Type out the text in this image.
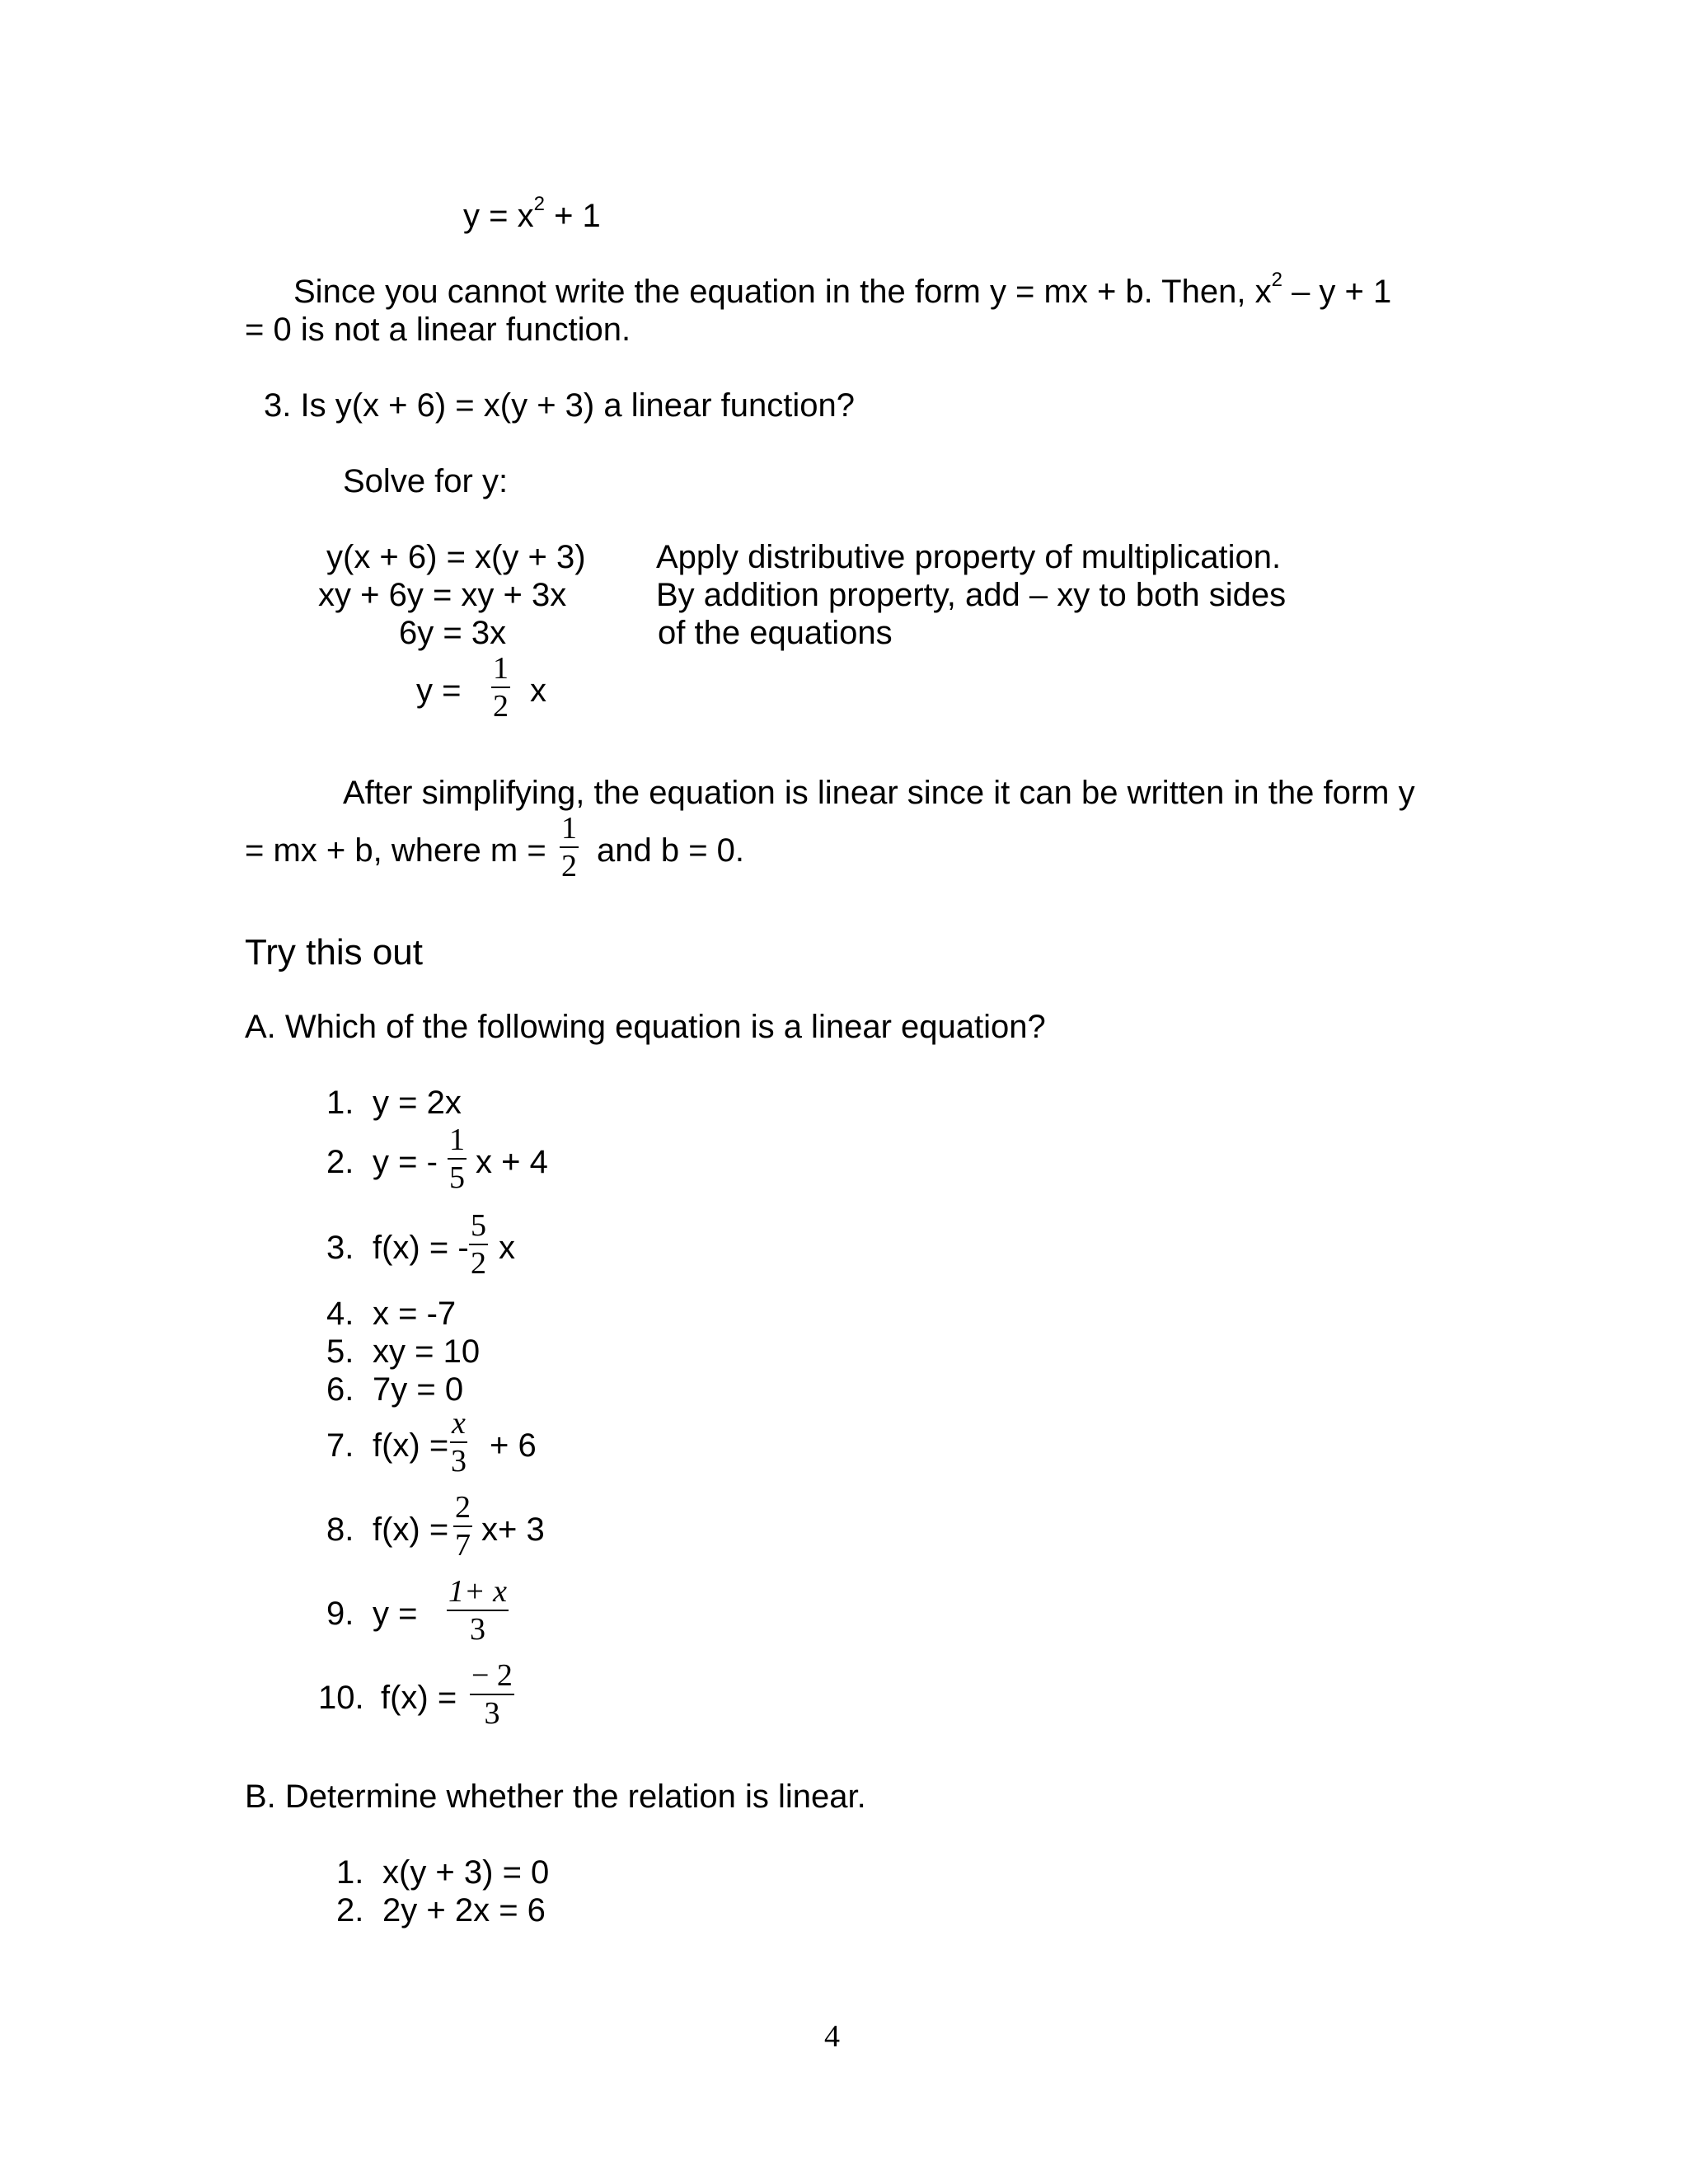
$y = x^2 + 1$
Since you cannot write the equation in the form y = mx + b. Then, $x^2 - y + 1$
= 0 is not a linear function.
3. Is y(x + 6) = x(y + 3) a linear function?
Solve for y:
y(x + 6) = x(y + 3) Apply distributive property of multiplication.
xy + 6y = xy + 3x	By addition property, add – xy to both sides
6y = 3x	of the equations
y =
1
2 x
After simplifying, the equation is linear since it can be written in the form y
= mx + b, where m =
1
2 and b = 0.
Try this out
A. Which of the following equation is a linear equation?
1. y = 2x
2. y = -
1
5 x + 4
3. f(x) = -
5
2 x
4. x = -7
5. xy = 10
6. 7y = 0
7. f(x) =
x
3 + 6
8. f(x) =
2
7 x+ 3
9. y =
1+ x
3
10. f(x) =
− 2
3
B. Determine whether the relation is linear.
1. x(y + 3) = 0
2. 2y + 2x = 6
4
